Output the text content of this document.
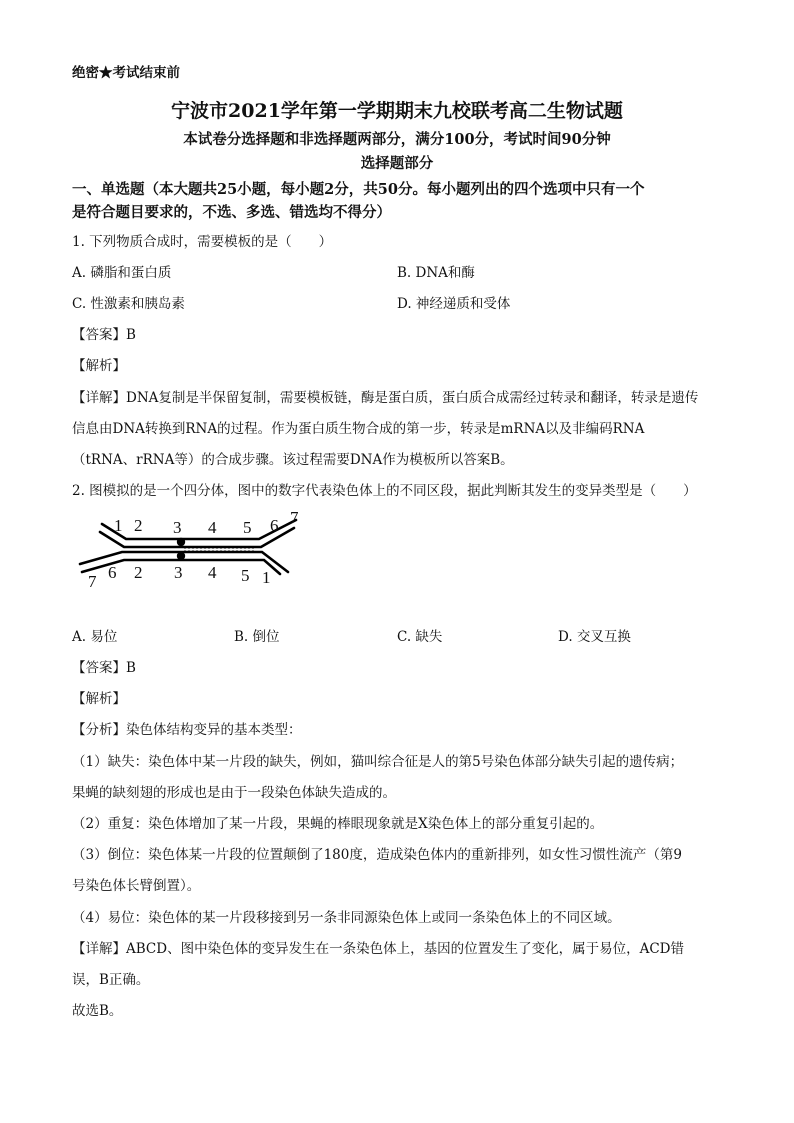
绝密★考试结束前
宁波市2021学年第一学期期末九校联考高二生物试题
本试卷分选择题和非选择题两部分，满分100分，考试时间90分钟
选择题部分
一、单选题（本大题共25小题，每小题2分，共50分。每小题列出的四个选项中只有一个
是符合题目要求的，不选、多选、错选均不得分）
1. 下列物质合成时，需要模板的是（　　）
A. 磷脂和蛋白质	B. DNA和酶
C. 性激素和胰岛素	D. 神经递质和受体
【答案】B
【解析】
【详解】DNA复制是半保留复制，需要模板链，酶是蛋白质，蛋白质合成需经过转录和翻译，转录是遗传
信息由DNA转换到RNA的过程。作为蛋白质生物合成的第一步，转录是mRNA以及非编码RNA
（tRNA、rRNA等）的合成步骤。该过程需要DNA作为模板所以答案B。
2. 图模拟的是一个四分体，图中的数字代表染色体上的不同区段，据此判断其发生的变异类型是（　　）
1 2 3 4 5 6 7
7 6 2 3 4 5 1
A. 易位	B. 倒位	C. 缺失	D. 交叉互换
【答案】B
【解析】
【分析】染色体结构变异的基本类型：
（1）缺失：染色体中某一片段的缺失，例如，猫叫综合征是人的第5号染色体部分缺失引起的遗传病；
果蝇的缺刻翅的形成也是由于一段染色体缺失造成的。
（2）重复：染色体增加了某一片段，果蝇的棒眼现象就是X染色体上的部分重复引起的。
（3）倒位：染色体某一片段的位置颠倒了180度，造成染色体内的重新排列，如女性习惯性流产（第9
号染色体长臂倒置）。
（4）易位：染色体的某一片段移接到另一条非同源染色体上或同一条染色体上的不同区域。
【详解】ABCD、图中染色体的变异发生在一条染色体上，基因的位置发生了变化，属于易位，ACD错
误，B正确。
故选B。
